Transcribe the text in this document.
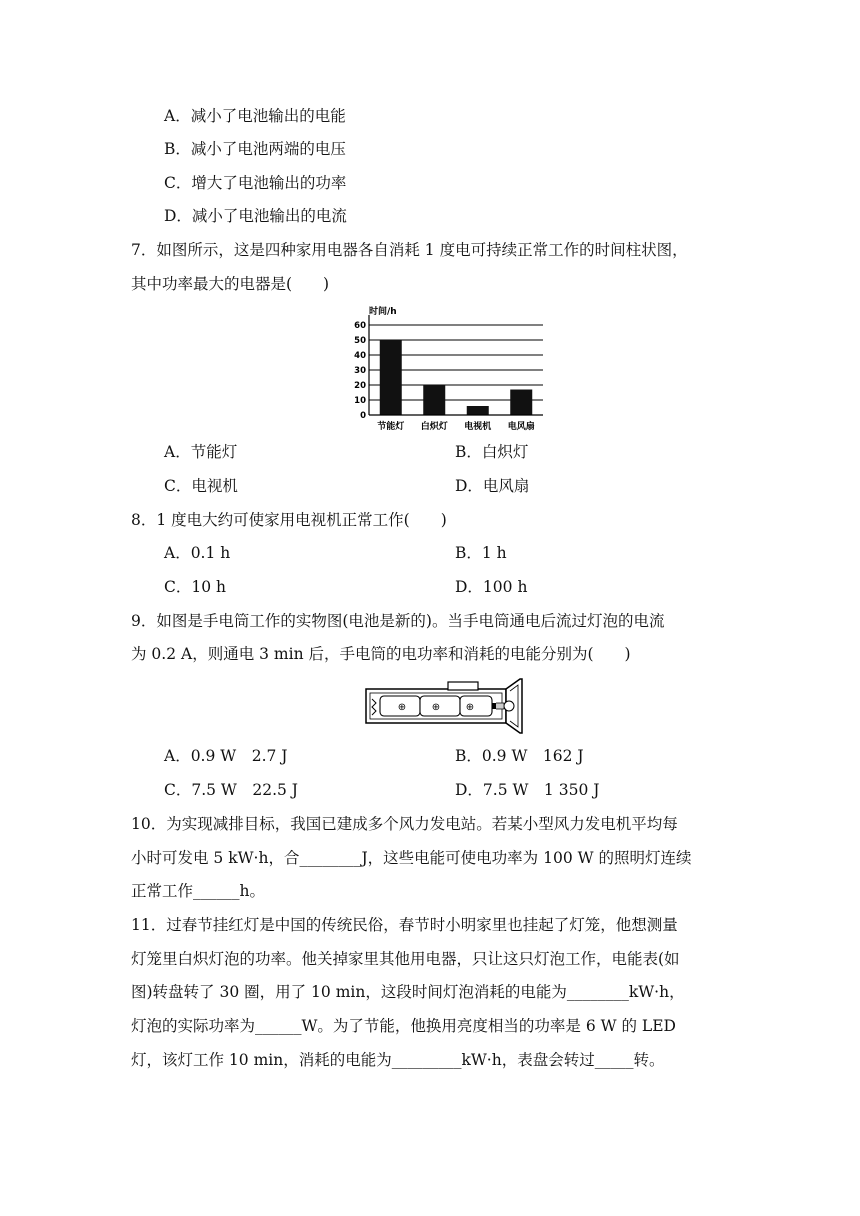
A．减小了电池输出的电能
B．减小了电池两端的电压
C．增大了电池输出的功率
D．减小了电池输出的电流
7．如图所示，这是四种家用电器各自消耗 1 度电可持续正常工作的时间柱状图，
其中功率最大的电器是(　　)
0
10
20
30
40
50
60
节能灯 白炽灯 电视机 电风扇
时间/h
A．节能灯	B．白炽灯
C．电视机	D．电风扇
8．1 度电大约可使家用电视机正常工作(　　)
A．0.1 h	B．1 h
C．10 h	D．100 h
9．如图是手电筒工作的实物图(电池是新的)。当手电筒通电后流过灯泡的电流
为 0.2 A，则通电 3 min 后，手电筒的电功率和消耗的电能分别为(　　)
⊕	⊕	⊕
A．0.9 W　2.7 J	B．0.9 W　162 J
C．7.5 W　22.5 J	D．7.5 W　1 350 J
10．为实现减排目标，我国已建成多个风力发电站。若某小型风力发电机平均每
小时可发电 5 kW·h，合________J，这些电能可使电功率为 100 W 的照明灯连续
正常工作______h。
11．过春节挂红灯是中国的传统民俗，春节时小明家里也挂起了灯笼，他想测量
灯笼里白炽灯泡的功率。他关掉家里其他用电器，只让这只灯泡工作，电能表(如
图)转盘转了 30 圈，用了 10 min，这段时间灯泡消耗的电能为________kW·h，
灯泡的实际功率为______W。为了节能，他换用亮度相当的功率是 6 W 的 LED
灯，该灯工作 10 min，消耗的电能为_________kW·h，表盘会转过_____转。
